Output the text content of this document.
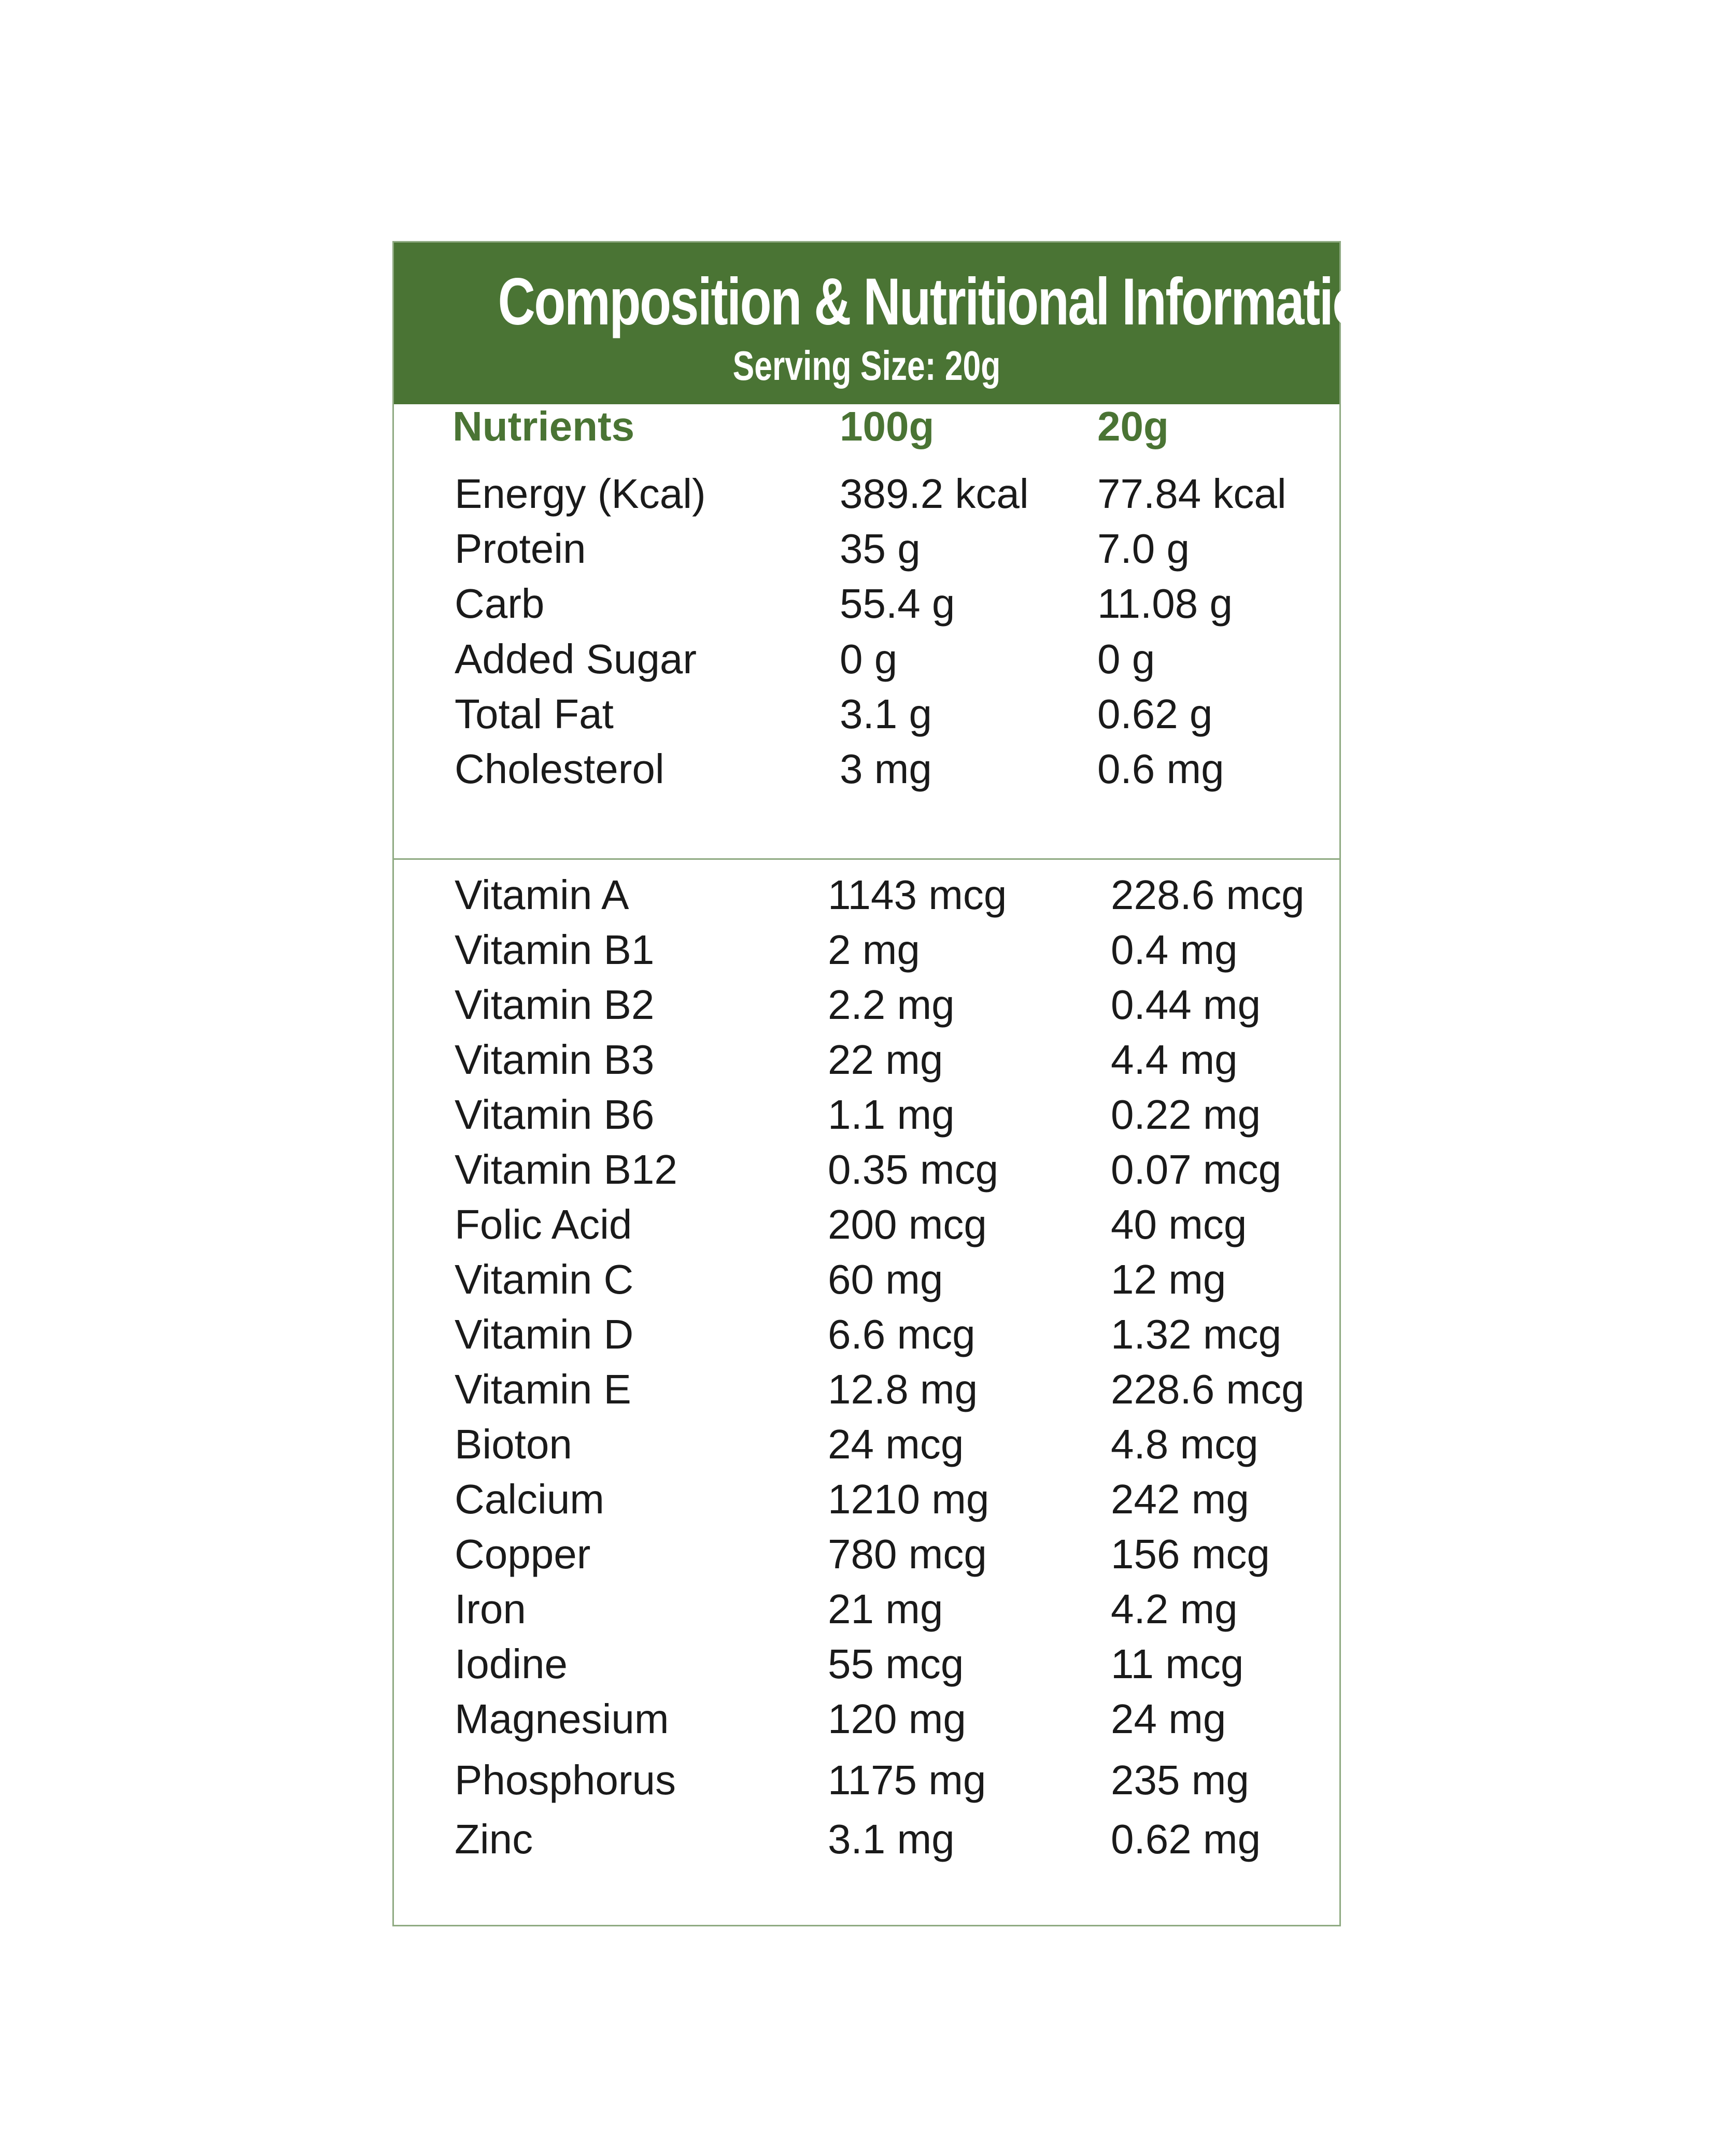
Composition & Nutritional Information
Serving Size: 20g
Nutrients	100g	20g
Energy (Kcal)	389.2 kcal 77.84 kcal
Protein	35 g	7.0 g
Carb	55.4 g	11.08 g
Added Sugar	0 g	0 g
Total Fat	3.1 g	0.62 g
Cholesterol	3 mg	0.6 mg
Vitamin A	1143 mcg	228.6 mcg
Vitamin B1	2 mg	0.4 mg
Vitamin B2	2.2 mg	0.44 mg
Vitamin B3	22 mg	4.4 mg
Vitamin B6	1.1 mg	0.22 mg
Vitamin B12	0.35 mcg	0.07 mcg
Folic Acid	200 mcg	40 mcg
Vitamin C	60 mg	12 mg
Vitamin D	6.6 mcg	1.32 mcg
Vitamin E	12.8 mg	228.6 mcg
Bioton	24 mcg	4.8 mcg
Calcium	1210 mg	242 mg
Copper	780 mcg	156 mcg
Iron	21 mg	4.2 mg
Iodine	55 mcg	11 mcg
Magnesium	120 mg	24 mg
Phosphorus	1175 mg	235 mg
Zinc	3.1 mg	0.62 mg
